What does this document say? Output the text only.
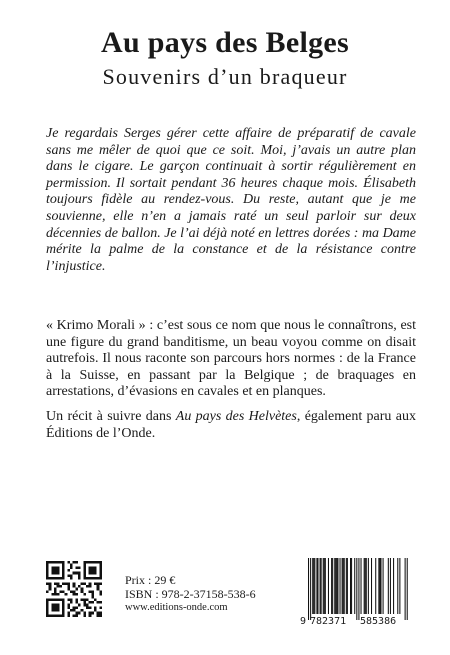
Au pays des Belges
Souvenirs d’un braqueur

Je regardais Serges gérer cette affaire de préparatif de cavale sans me mêler de quoi que ce soit. Moi, j’avais un autre plan dans le cigare. Le garçon continuait à sortir régulièrement en permission. Il sortait pendant 36 heures chaque mois. Élisabeth toujours fidèle au rendez-vous. Du reste, autant que je me souvienne, elle n’en a jamais raté un seul parloir sur deux décennies de ballon. Je l’ai déjà noté en lettres dorées : ma Dame mérite la palme de la constance et de la résistance contre l’injustice.

« Krimo Morali » : c’est sous ce nom que nous le connaîtrons, est une figure du grand banditisme, un beau voyou comme on disait autrefois. Il nous raconte son parcours hors normes : de la France à la Suisse, en passant par la Belgique ; de braquages en arrestations, d’évasions en cavales et en planques.

Un récit à suivre dans Au pays des Helvètes, également paru aux Éditions de l’Onde.

Prix : 29 €
ISBN : 978-2-37158-538-6
www.editions-onde.com
9 782371 585386
